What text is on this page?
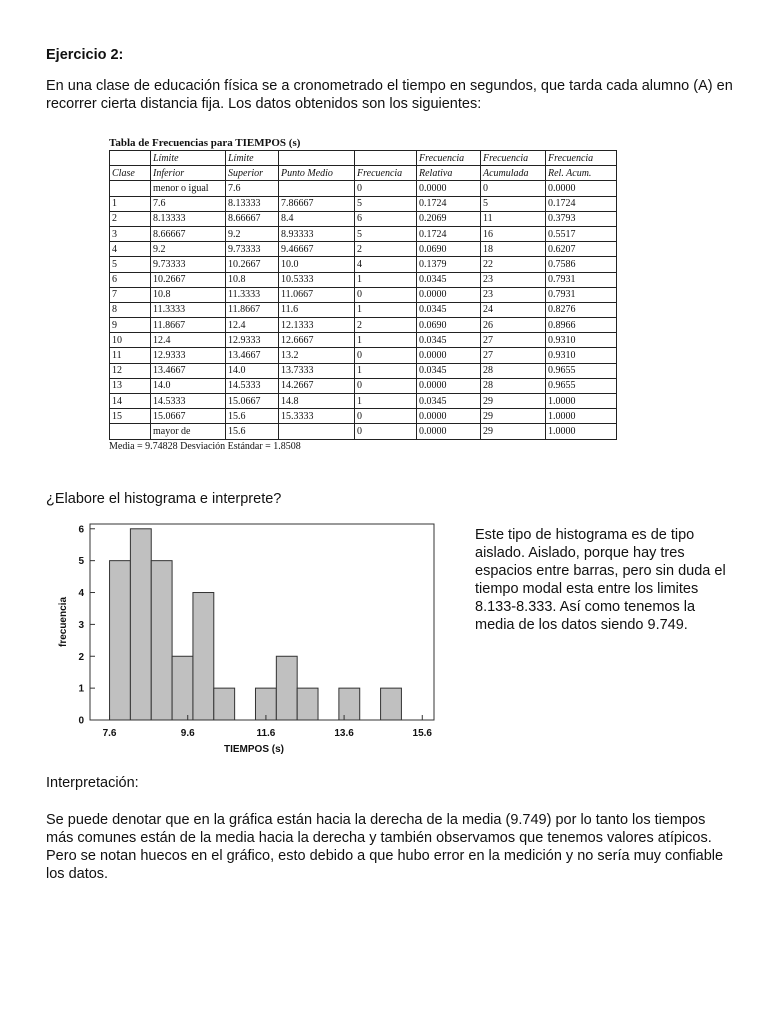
Ejercicio 2:
En una clase de educación física se a cronometrado el tiempo en segundos, que tarda cada alumno (A) en recorrer cierta distancia fija. Los datos obtenidos son los siguientes:
Tabla de Frecuencias para TIEMPOS (s)
	Límite	Límite			Frecuencia	Frecuencia	Frecuencia
Clase	Inferior	Superior	Punto Medio	Frecuencia	Relativa	Acumulada	Rel. Acum.
	menor o igual	7.6		0	0.0000	0	0.0000
1	7.6	8.13333	7.86667	5	0.1724	5	0.1724
2	8.13333	8.66667	8.4	6	0.2069	11	0.3793
3	8.66667	9.2	8.93333	5	0.1724	16	0.5517
4	9.2	9.73333	9.46667	2	0.0690	18	0.6207
5	9.73333	10.2667	10.0	4	0.1379	22	0.7586
6	10.2667	10.8	10.5333	1	0.0345	23	0.7931
7	10.8	11.3333	11.0667	0	0.0000	23	0.7931
8	11.3333	11.8667	11.6	1	0.0345	24	0.8276
9	11.8667	12.4	12.1333	2	0.0690	26	0.8966
10	12.4	12.9333	12.6667	1	0.0345	27	0.9310
11	12.9333	13.4667	13.2	0	0.0000	27	0.9310
12	13.4667	14.0	13.7333	1	0.0345	28	0.9655
13	14.0	14.5333	14.2667	0	0.0000	28	0.9655
14	14.5333	15.0667	14.8	1	0.0345	29	1.0000
15	15.0667	15.6	15.3333	0	0.0000	29	1.0000
	mayor de	15.6		0	0.0000	29	1.0000
Media = 9.74828 Desviación Estándar = 1.8508
¿Elabore el histograma e interprete?
0
1
2
3
4
5
6
7.6	9.6	11.6	13.6	15.6
TIEMPOS (s)
frecuencia
Este tipo de histograma es de tipo aislado. Aislado, porque hay tres espacios entre barras, pero sin duda el tiempo modal esta entre los limites 8.133-8.333. Así como tenemos la media de los datos siendo 9.749.
Interpretación:
Se puede denotar que en la gráfica están hacia la derecha de la media (9.749) por lo tanto los tiempos más comunes están de la media hacia la derecha y también observamos que tenemos valores atípicos. Pero se notan huecos en el gráfico, esto debido a que hubo error en la medición y no sería muy confiable los datos.
